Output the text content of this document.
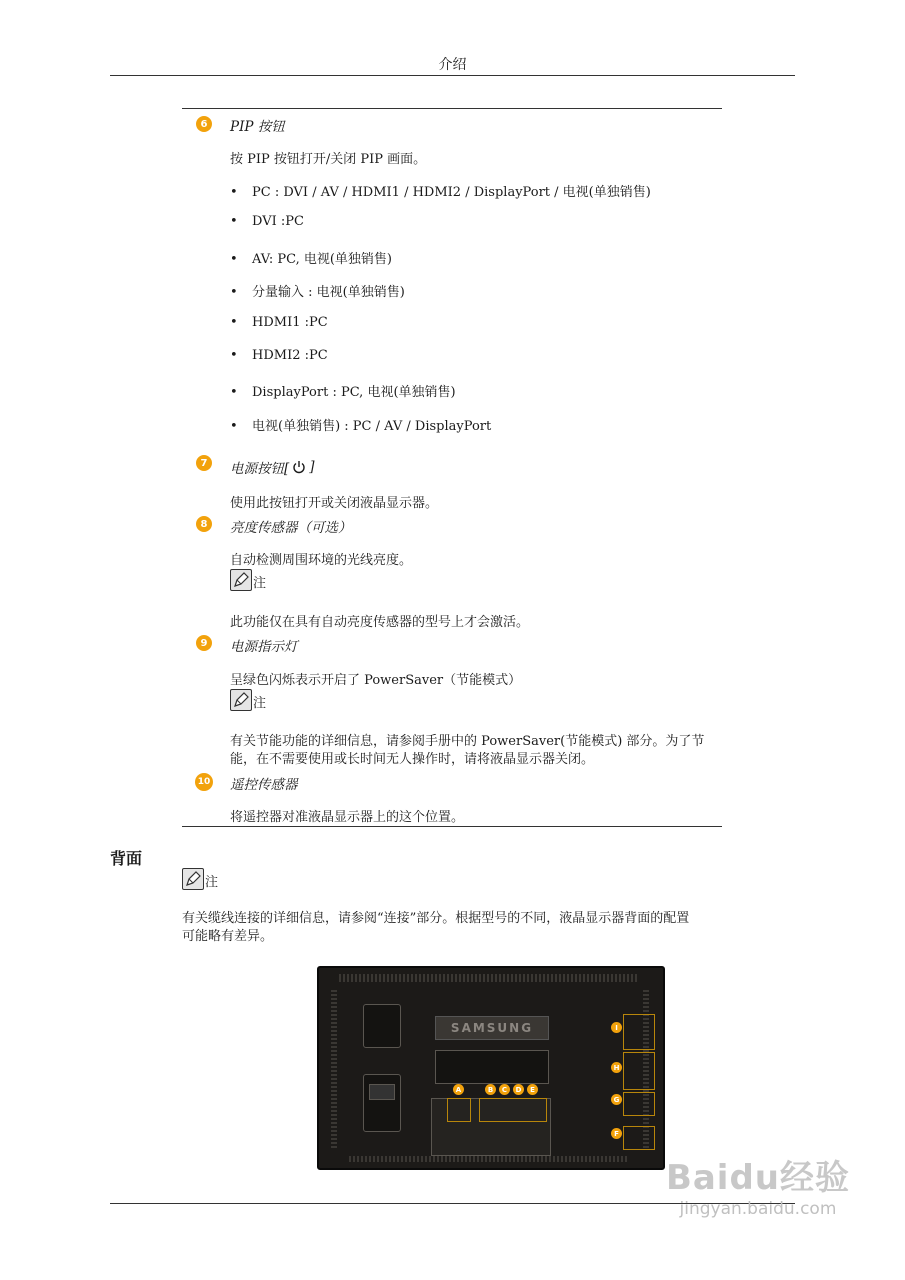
介绍
6	PIP 按钮
按 PIP 按钮打开/关闭 PIP 画面。
• PC : DVI / AV / HDMI1 / HDMI2 / DisplayPort / 电视(单独销售)
• DVI :PC
• AV: PC, 电视(单独销售)
• 分量输入 : 电视(单独销售)
• HDMI1 :PC
• HDMI2 :PC
• DisplayPort : PC, 电视(单独销售)
• 电视(单独销售) : PC / AV / DisplayPort
7	电源按钮[ ]
使用此按钮打开或关闭液晶显示器。
8	亮度传感器（可选）
自动检测周围环境的光线亮度。
注
此功能仅在具有自动亮度传感器的型号上才会激活。
9	电源指示灯
呈绿色闪烁表示开启了 PowerSaver（节能模式）
注
有关节能功能的详细信息，请参阅手册中的 PowerSaver(节能模式) 部分。为了节
能，在不需要使用或长时间无人操作时，请将液晶显示器关闭。
10 遥控传感器
将遥控器对准液晶显示器上的这个位置。
背面
注
有关缆线连接的详细信息，请参阅“连接”部分。根据型号的不同，液晶显示器背面的配置
可能略有差异。
SAMSUNG
A	B	C	D	E
I
H
G
F
Baidu经验
jingyan.baidu.com
